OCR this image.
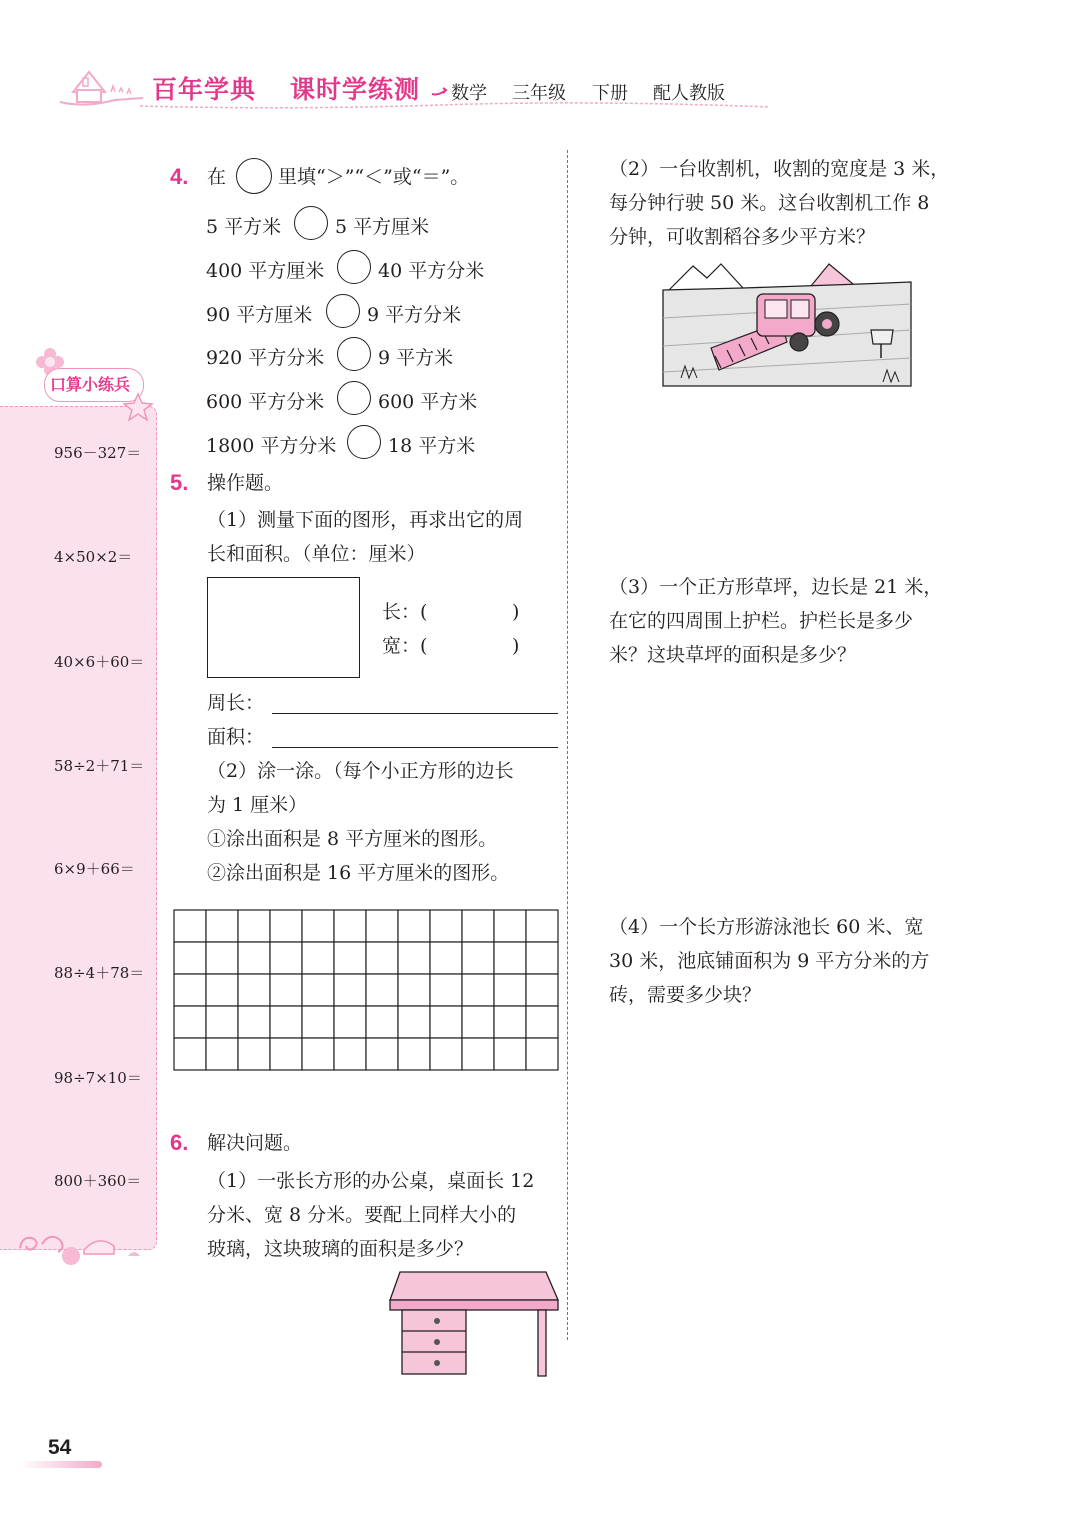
百年学典 课时学练测 数学 三年级 下册 配人教版
口算小练兵
956－327＝
4×50×2＝
40×6＋60＝
58÷2＋71＝
6×9＋66＝
88÷4＋78＝
98÷7×10＝
800＋360＝
4. 在	里填“＞”“＜”或“＝”。
5 平方米	5 平方厘米
400 平方厘米	40 平方分米
90 平方厘米	9 平方分米
920 平方分米	9 平方米
600 平方分米	600 平方米
1800 平方分米	18 平方米
5. 操作题。
（1）测量下面的图形，再求出它的周
长和面积。（单位：厘米）
长：(	)
宽：(	)
周长：
面积：
（2）涂一涂。（每个小正方形的边长
为 1 厘米）
①涂出面积是 8 平方厘米的图形。
②涂出面积是 16 平方厘米的图形。
6. 解决问题。
（1）一张长方形的办公桌，桌面长 12
分米、宽 8 分米。要配上同样大小的
玻璃，这块玻璃的面积是多少？
（2）一台收割机，收割的宽度是 3 米，
每分钟行驶 50 米。这台收割机工作 8
分钟，可收割稻谷多少平方米？
（3）一个正方形草坪，边长是 21 米，
在它的四周围上护栏。护栏长是多少
米？这块草坪的面积是多少？
（4）一个长方形游泳池长 60 米、宽
30 米，池底铺面积为 9 平方分米的方
砖，需要多少块？
54
